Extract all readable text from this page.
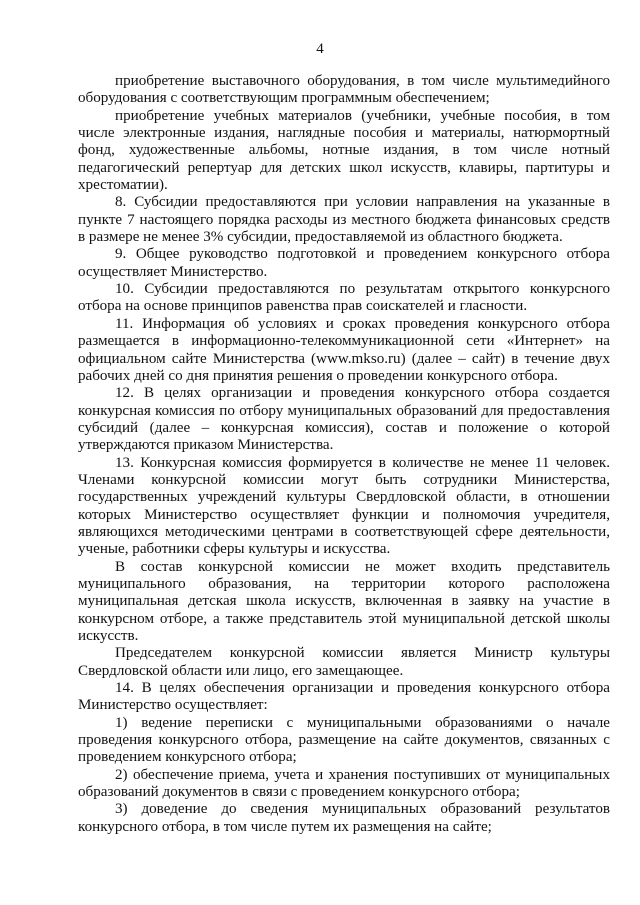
4

приобретение выставочного оборудования, в том числе мультимедийного оборудования с соответствующим программным обеспечением;

приобретение учебных материалов (учебники, учебные пособия, в том числе электронные издания, наглядные пособия и материалы, натюрмортный фонд, художественные альбомы, нотные издания, в том числе нотный педагогический репертуар для детских школ искусств, клавиры, партитуры и хрестоматии).

8. Субсидии предоставляются при условии направления на указанные в пункте 7 настоящего порядка расходы из местного бюджета финансовых средств в размере не менее 3% субсидии, предоставляемой из областного бюджета.

9. Общее руководство подготовкой и проведением конкурсного отбора осуществляет Министерство.

10. Субсидии предоставляются по результатам открытого конкурсного отбора на основе принципов равенства прав соискателей и гласности.

11. Информация об условиях и сроках проведения конкурсного отбора размещается в информационно-телекоммуникационной сети «Интернет» на официальном сайте Министерства (www.mkso.ru) (далее – сайт) в течение двух рабочих дней со дня принятия решения о проведении конкурсного отбора.

12. В целях организации и проведения конкурсного отбора создается конкурсная комиссия по отбору муниципальных образований для предоставления субсидий (далее – конкурсная комиссия), состав и положение о которой утверждаются приказом Министерства.

13. Конкурсная комиссия формируется в количестве не менее 11 человек. Членами конкурсной комиссии могут быть сотрудники Министерства, государственных учреждений культуры Свердловской области, в отношении которых Министерство осуществляет функции и полномочия учредителя, являющихся методическими центрами в соответствующей сфере деятельности, ученые, работники сферы культуры и искусства.

В состав конкурсной комиссии не может входить представитель муниципального образования, на территории которого расположена муниципальная детская школа искусств, включенная в заявку на участие в конкурсном отборе, а также представитель этой муниципальной детской школы искусств.

Председателем конкурсной комиссии является Министр культуры Свердловской области или лицо, его замещающее.

14. В целях обеспечения организации и проведения конкурсного отбора Министерство осуществляет:

1) ведение переписки с муниципальными образованиями о начале проведения конкурсного отбора, размещение на сайте документов, связанных с проведением конкурсного отбора;

2) обеспечение приема, учета и хранения поступивших от муниципальных образований документов в связи с проведением конкурсного отбора;

3) доведение до сведения муниципальных образований результатов конкурсного отбора, в том числе путем их размещения на сайте;
